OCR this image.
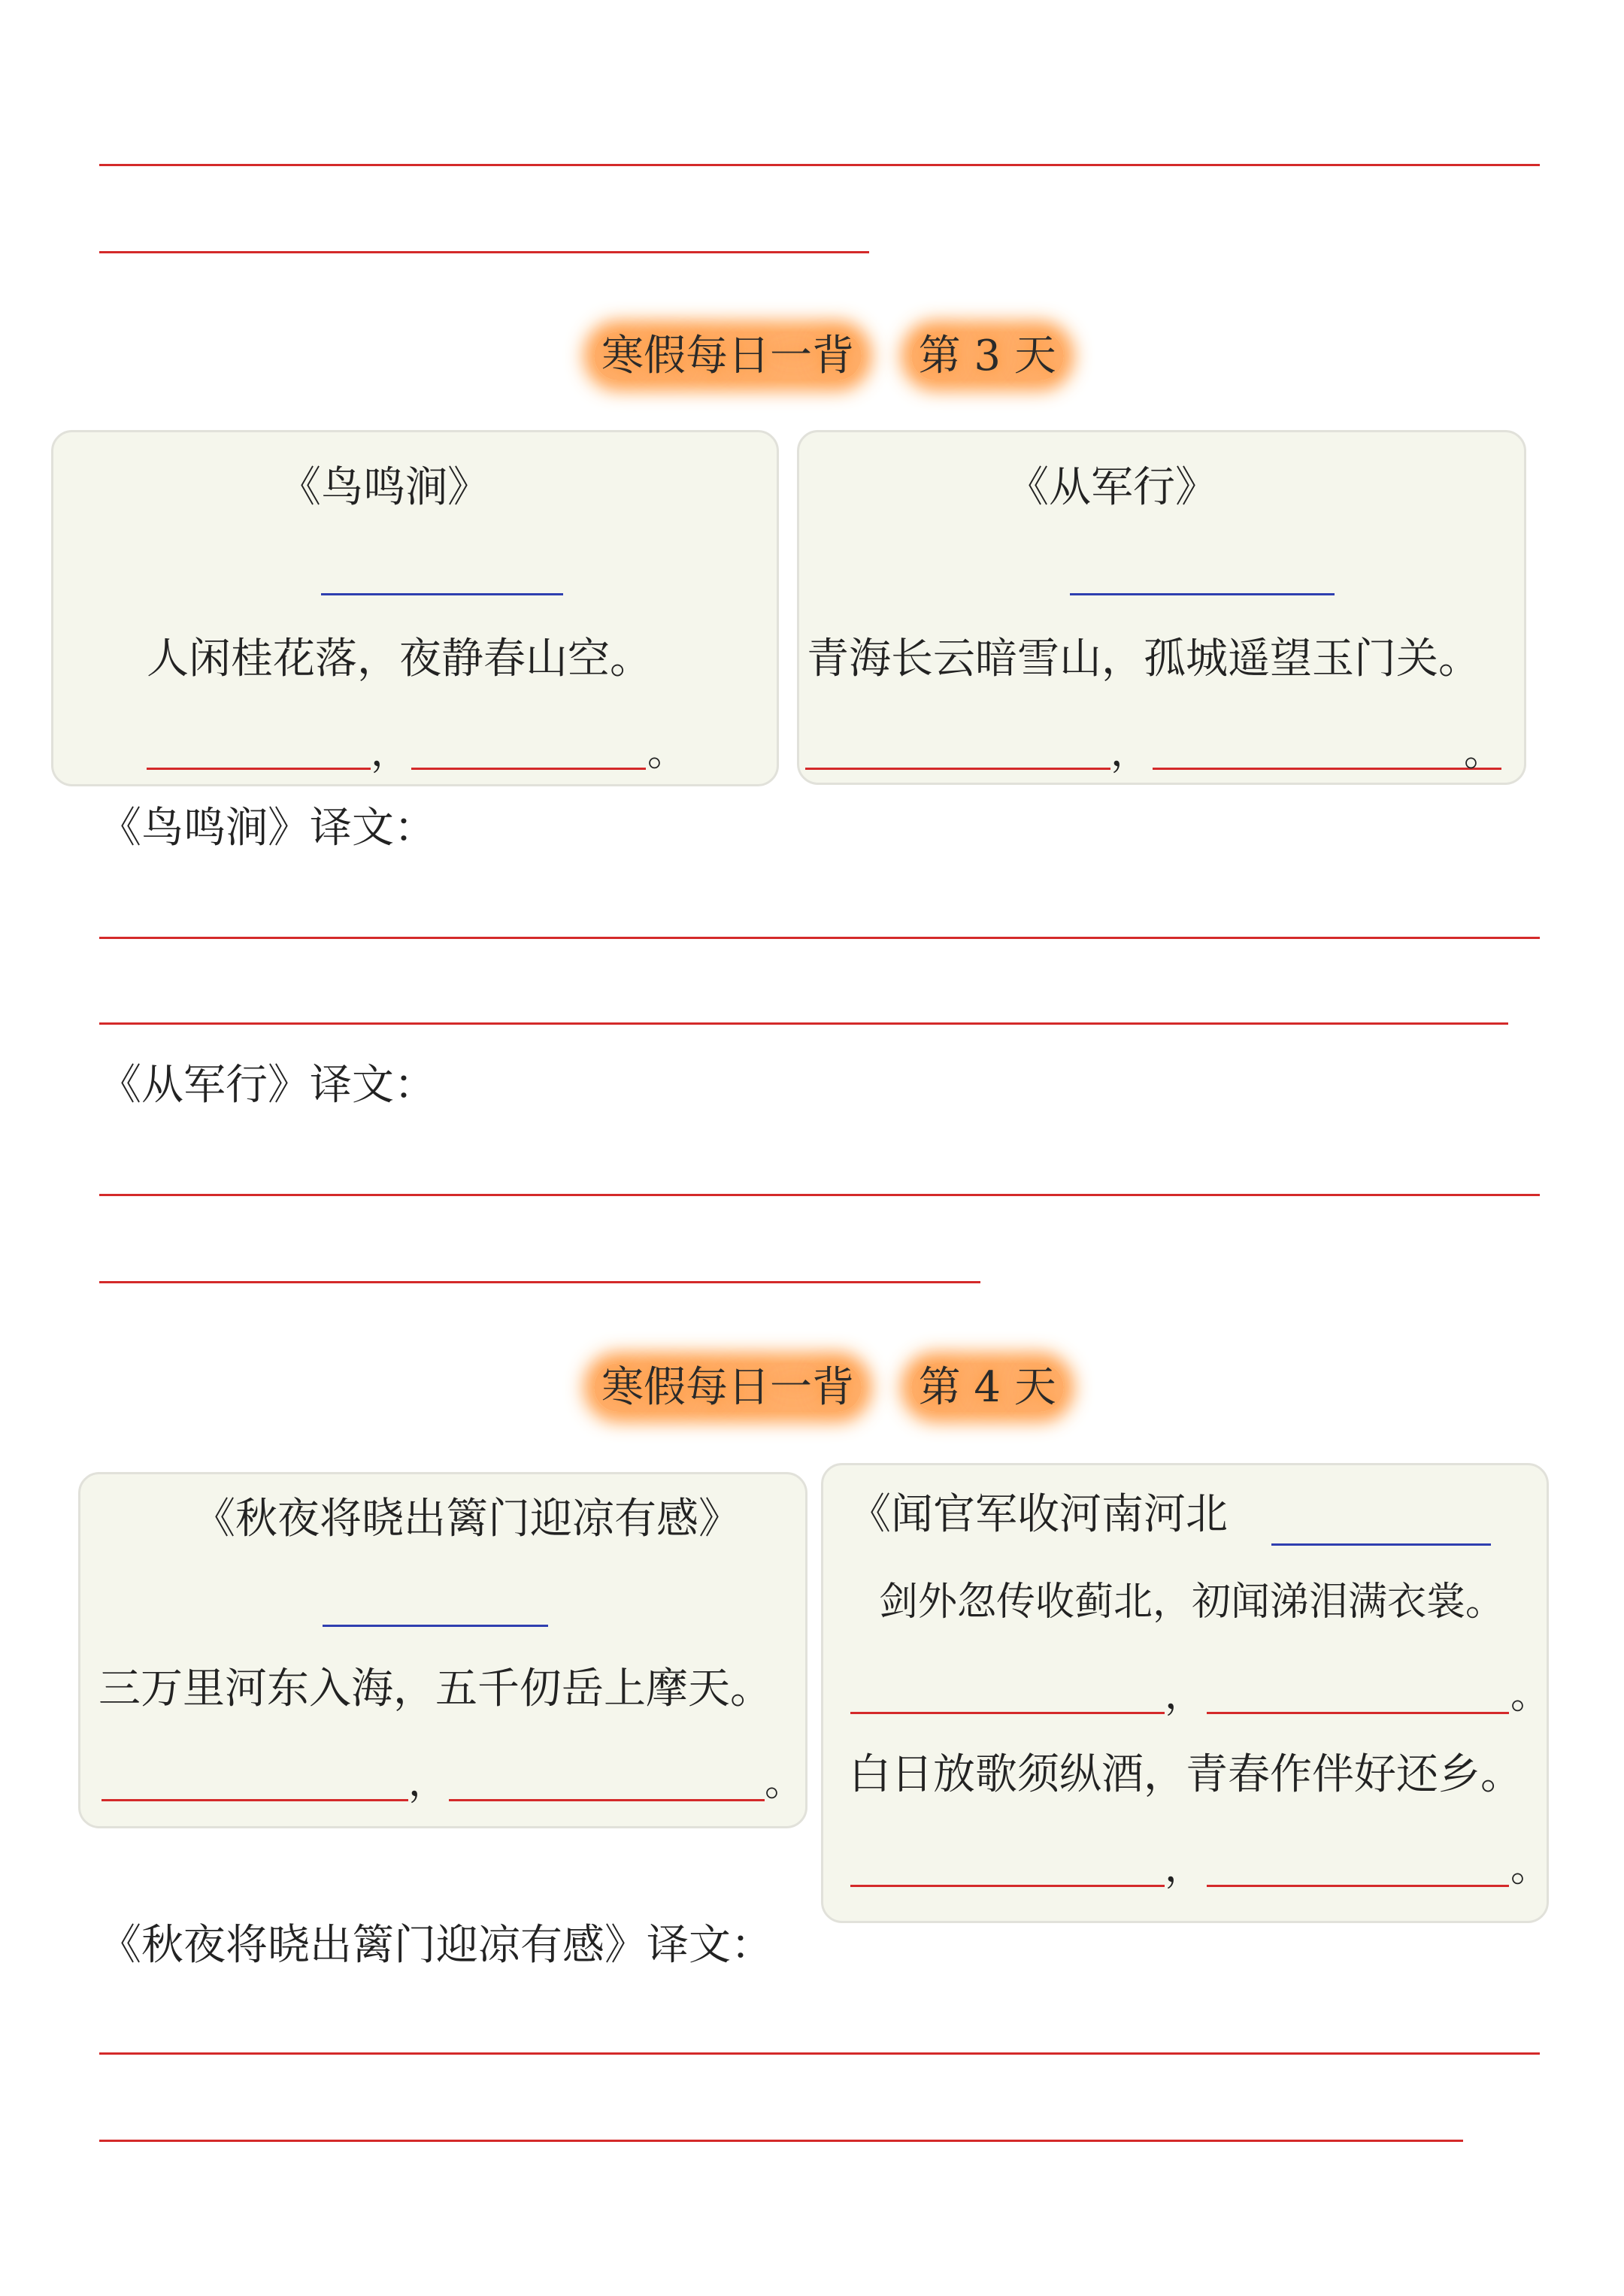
寒假每日一背 第 3 天
《鸟鸣涧》
人闲桂花落，夜静春山空。
，	。
《从军行》
青海长云暗雪山，孤城遥望玉门关。
，	。
《鸟鸣涧》译文：
《从军行》译文：
寒假每日一背 第 4 天
《秋夜将晓出篱门迎凉有感》
三万里河东入海，五千仞岳上摩天。
，	。
《闻官军收河南河北
剑外忽传收蓟北，初闻涕泪满衣裳。
，	。
白日放歌须纵酒，青春作伴好还乡。
，	。
《秋夜将晓出篱门迎凉有感》译文：
